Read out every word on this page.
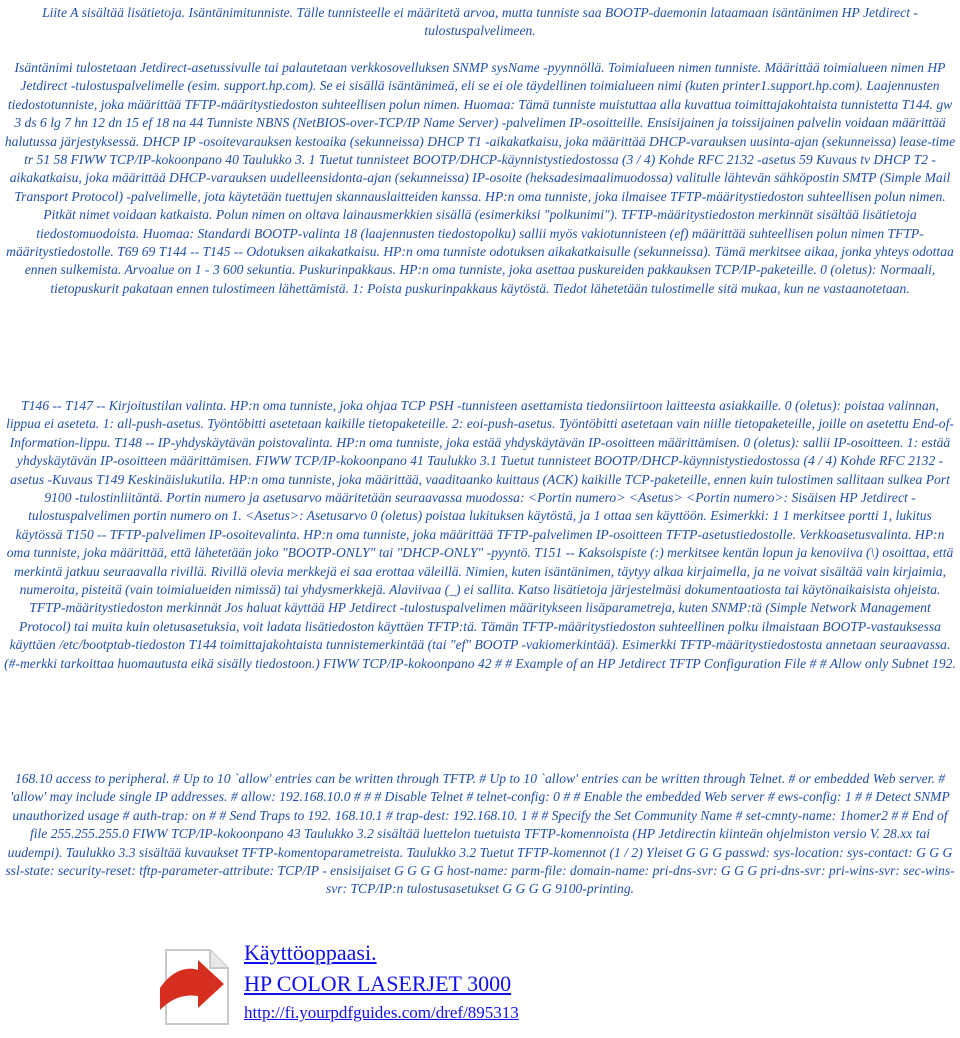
Liite A sisältää lisätietoja. Isäntänimitunniste. Tälle tunnisteelle ei määritetä arvoa, mutta tunniste saa BOOTP-daemonin lataamaan isäntänimen HP Jetdirect -tulostuspalvelimeen.

Isäntänimi tulostetaan Jetdirect-asetussivulle tai palautetaan verkkosovelluksen SNMP sysName -pyynnöllä. Toimialueen nimen tunniste. Määrittää toimialueen nimen HP Jetdirect -tulostuspalvelimelle (esim. support.hp.com). Se ei sisällä isäntänimeä, eli se ei ole täydellinen toimialueen nimi (kuten printer1.support.hp.com). Laajennusten tiedostotunniste, joka määrittää TFTP-määritystiedoston suhteellisen polun nimen. Huomaa: Tämä tunniste muistuttaa alla kuvattua toimittajakohtaista tunnistetta T144. gw 3 ds 6 lg 7 hn 12 dn 15 ef 18 na 44 Tunniste NBNS (NetBIOS-over-TCP/IP Name Server) -palvelimen IP-osoitteille. Ensisijainen ja toissijainen palvelin voidaan määrittää halutussa järjestyksessä. DHCP IP -osoitevarauksen kestoaika (sekunneissa) DHCP T1 -aikakatkaisu, joka määrittää DHCP-varauksen uusinta-ajan (sekunneissa) lease-time tr 51 58 FIWW TCP/IP-kokoonpano 40 Taulukko 3. 1 Tuetut tunnisteet BOOTP/DHCP-käynnistystiedostossa (3 / 4) Kohde RFC 2132 -asetus 59 Kuvaus tv DHCP T2 -aikakatkaisu, joka määrittää DHCP-varauksen uudelleensidonta-ajan (sekunneissa) IP-osoite (heksadesimaalimuodossa) valitulle lähtevän sähköpostin SMTP (Simple Mail Transport Protocol) -palvelimelle, jota käytetään tuettujen skannauslaitteiden kanssa. HP:n oma tunniste, joka ilmaisee TFTP-määritystiedoston suhteellisen polun nimen. Pitkät nimet voidaan katkaista. Polun nimen on oltava lainausmerkkien sisällä (esimerkiksi "polkunimi"). TFTP-määritystiedoston merkinnät sisältää lisätietoja tiedostomuodoista. Huomaa: Standardi BOOTP-valinta 18 (laajennusten tiedostopolku) sallii myös vakiotunnisteen (ef) määrittää suhteellisen polun nimen TFTP-määritystiedostolle. T69 69 T144 -- T145 -- Odotuksen aikakatkaisu. HP:n oma tunniste odotuksen aikakatkaisulle (sekunneissa). Tämä merkitsee aikaa, jonka yhteys odottaa ennen sulkemista. Arvoalue on 1 - 3 600 sekuntia. Puskurinpakkaus. HP:n oma tunniste, joka asettaa puskureiden pakkauksen TCP/IP-paketeille. 0 (oletus): Normaali, tietopuskurit pakataan ennen tulostimeen lähettämistä. 1: Poista puskurinpakkaus käytöstä. Tiedot lähetetään tulostimelle sitä mukaa, kun ne vastaanotetaan.

T146 -- T147 -- Kirjoitustilan valinta. HP:n oma tunniste, joka ohjaa TCP PSH -tunnisteen asettamista tiedonsiirtoon laitteesta asiakkaille. 0 (oletus): poistaa valinnan, lippua ei aseteta. 1: all-push-asetus. Työntöbitti asetetaan kaikille tietopaketeille. 2: eoi-push-asetus. Työntöbitti asetetaan vain niille tietopaketeille, joille on asetettu End-of-Information-lippu. T148 -- IP-yhdyskäytävän poistovalinta. HP:n oma tunniste, joka estää yhdyskäytävän IP-osoitteen määrittämisen. 0 (oletus): sallii IP-osoitteen. 1: estää yhdyskäytävän IP-osoitteen määrittämisen. FIWW TCP/IP-kokoonpano 41 Taulukko 3.1 Tuetut tunnisteet BOOTP/DHCP-käynnistystiedostossa (4 / 4) Kohde RFC 2132 -asetus -Kuvaus T149 Keskinäislukutila. HP:n oma tunniste, joka määrittää, vaaditaanko kuittaus (ACK) kaikille TCP-paketeille, ennen kuin tulostimen sallitaan sulkea Port 9100 -tulostinliitäntä. Portin numero ja asetusarvo määritetään seuraavassa muodossa: <Portin numero> <Asetus> <Portin numero>: Sisäisen HP Jetdirect -tulostuspalvelimen portin numero on 1. <Asetus>: Asetusarvo 0 (oletus) poistaa lukituksen käytöstä, ja 1 ottaa sen käyttöön. Esimerkki: 1 1 merkitsee portti 1, lukitus käytössä T150 -- TFTP-palvelimen IP-osoitevalinta. HP:n oma tunniste, joka määrittää TFTP-palvelimen IP-osoitteen TFTP-asetustiedostolle. Verkkoasetusvalinta. HP:n oma tunniste, joka määrittää, että lähetetään joko "BOOTP-ONLY" tai "DHCP-ONLY" -pyyntö. T151 -- Kaksoispiste (:) merkitsee kentän lopun ja kenoviiva (\) osoittaa, että merkintä jatkuu seuraavalla rivillä. Rivillä olevia merkkejä ei saa erottaa väleillä. Nimien, kuten isäntänimen, täytyy alkaa kirjaimella, ja ne voivat sisältää vain kirjaimia, numeroita, pisteitä (vain toimialueiden nimissä) tai yhdysmerkkejä. Alaviivaa (_) ei sallita. Katso lisätietoja järjestelmäsi dokumentaatiosta tai käytönaikaisista ohjeista. TFTP-määritystiedoston merkinnät Jos haluat käyttää HP Jetdirect -tulostuspalvelimen määritykseen lisäparametreja, kuten SNMP:tä (Simple Network Management Protocol) tai muita kuin oletusasetuksia, voit ladata lisätiedoston käyttäen TFTP:tä. Tämän TFTP-määritystiedoston suhteellinen polku ilmaistaan BOOTP-vastauksessa käyttäen /etc/bootptab-tiedoston T144 toimittajakohtaista tunnistemerkintää (tai "ef" BOOTP -vakiomerkintää). Esimerkki TFTP-määritystiedostosta annetaan seuraavassa. (#-merkki tarkoittaa huomautusta eikä sisälly tiedostoon.) FIWW TCP/IP-kokoonpano 42 # # Example of an HP Jetdirect TFTP Configuration File # # Allow only Subnet 192.

168.10 access to peripheral. # Up to 10 `allow' entries can be written through TFTP. # Up to 10 `allow' entries can be written through Telnet. # or embedded Web server. # 'allow' may include single IP addresses. # allow: 192.168.10.0 # # # Disable Telnet # telnet-config: 0 # # Enable the embedded Web server # ews-config: 1 # # Detect SNMP unauthorized usage # auth-trap: on # # Send Traps to 192. 168.10.1 # trap-dest: 192.168.10. 1 # # Specify the Set Community Name # set-cmnty-name: 1homer2 # # End of file 255.255.255.0 FIWW TCP/IP-kokoonpano 43 Taulukko 3.2 sisältää luettelon tuetuista TFTP-komennoista (HP Jetdirectin kiinteän ohjelmiston versio V. 28.xx tai uudempi). Taulukko 3.3 sisältää kuvaukset TFTP-komentoparametreista. Taulukko 3.2 Tuetut TFTP-komennot (1 / 2) Yleiset G G G passwd: sys-location: sys-contact: G G G ssl-state: security-reset: tftp-parameter-attribute: TCP/IP - ensisijaiset G G G G host-name: parm-file: domain-name: pri-dns-svr: G G G pri-dns-svr: pri-wins-svr: sec-wins-svr: TCP/IP:n tulostusasetukset G G G G 9100-printing.

Käyttöoppaasi.
HP COLOR LASERJET 3000
http://fi.yourpdfguides.com/dref/895313
